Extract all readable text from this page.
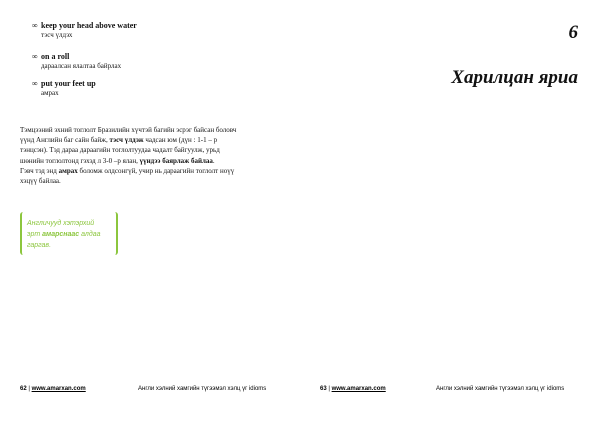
∞ keep your head above water
тэсч үлдэх
∞ on a roll
дараалсан ялалтаа байрлах
∞ put your feet up
амрах
Тэмцээний эхний тоглолт Бразилийн хүчтэй багийн эсрэг байсан боловч
үүнд Английн баг сайн байж, тэсч үлдэж чадсан юм (дүн : 1-1 – р
тэнцсэн). Тэд дараа дараагийн тоглолтуудаа чадалт байгуулж, урьд
шөнийн тоглолтонд гэхэд л 3-0 –р ялан, үүндээ баярлаж байлаа.
Гэвч тэд энд амрах боломж олдсонгүй, учир нь дараагийн тоглолт ноүү
хэцүү байлаа.
Англичууд хэтэрхий
эрт амарснаас алдаа
гаргав.
62 | www.amarxan.com	Англи хэлний хамгийн түгээмэл хэлц үг idioms
6
Харилцан яриа
63 | www.amarxan.com	Англи хэлний хамгийн түгээмэл хэлц үг idioms
